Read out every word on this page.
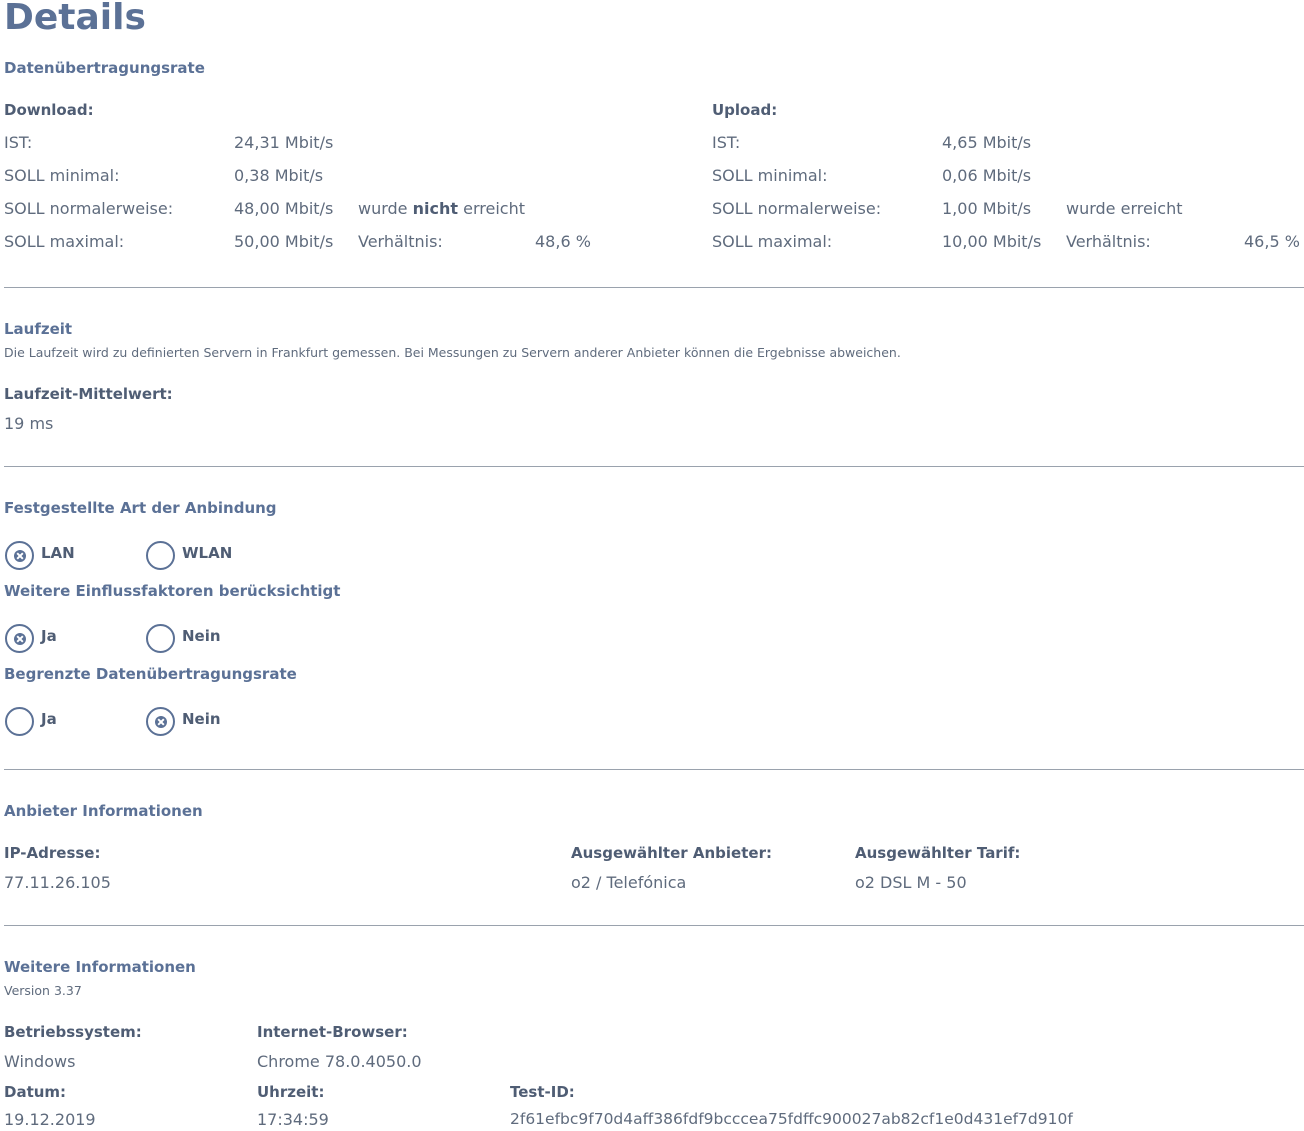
Details
Datenübertragungsrate
Download:
IST:	24,31 Mbit/s
SOLL minimal:	0,38 Mbit/s
SOLL normalerweise:	48,00 Mbit/s wurde nicht erreicht
SOLL maximal:	50,00 Mbit/s Verhältnis:	48,6 %
Upload:
IST:	4,65 Mbit/s
SOLL minimal:	0,06 Mbit/s
SOLL normalerweise:	1,00 Mbit/s wurde erreicht
SOLL maximal:	10,00 Mbit/s Verhältnis:	46,5 %
Laufzeit
Die Laufzeit wird zu definierten Servern in Frankfurt gemessen. Bei Messungen zu Servern anderer Anbieter können die Ergebnisse abweichen.
Laufzeit-Mittelwert:
19 ms
Festgestellte Art der Anbindung
LAN	WLAN
Weitere Einflussfaktoren berücksichtigt
Ja	Nein
Begrenzte Datenübertragungsrate
Ja	Nein
Anbieter Informationen
IP-Adresse:
77.11.26.105
Ausgewählter Anbieter:
o2 / Telefónica
Ausgewählter Tarif:
o2 DSL M - 50
Weitere Informationen
Version 3.37
Betriebssystem:
Windows
Internet-Browser:
Chrome 78.0.4050.0
Datum:
19.12.2019
Uhrzeit:
17:34:59
Test-ID:
2f61efbc9f70d4aff386fdf9bcccea75fdffc900027ab82cf1e0d431ef7d910f
